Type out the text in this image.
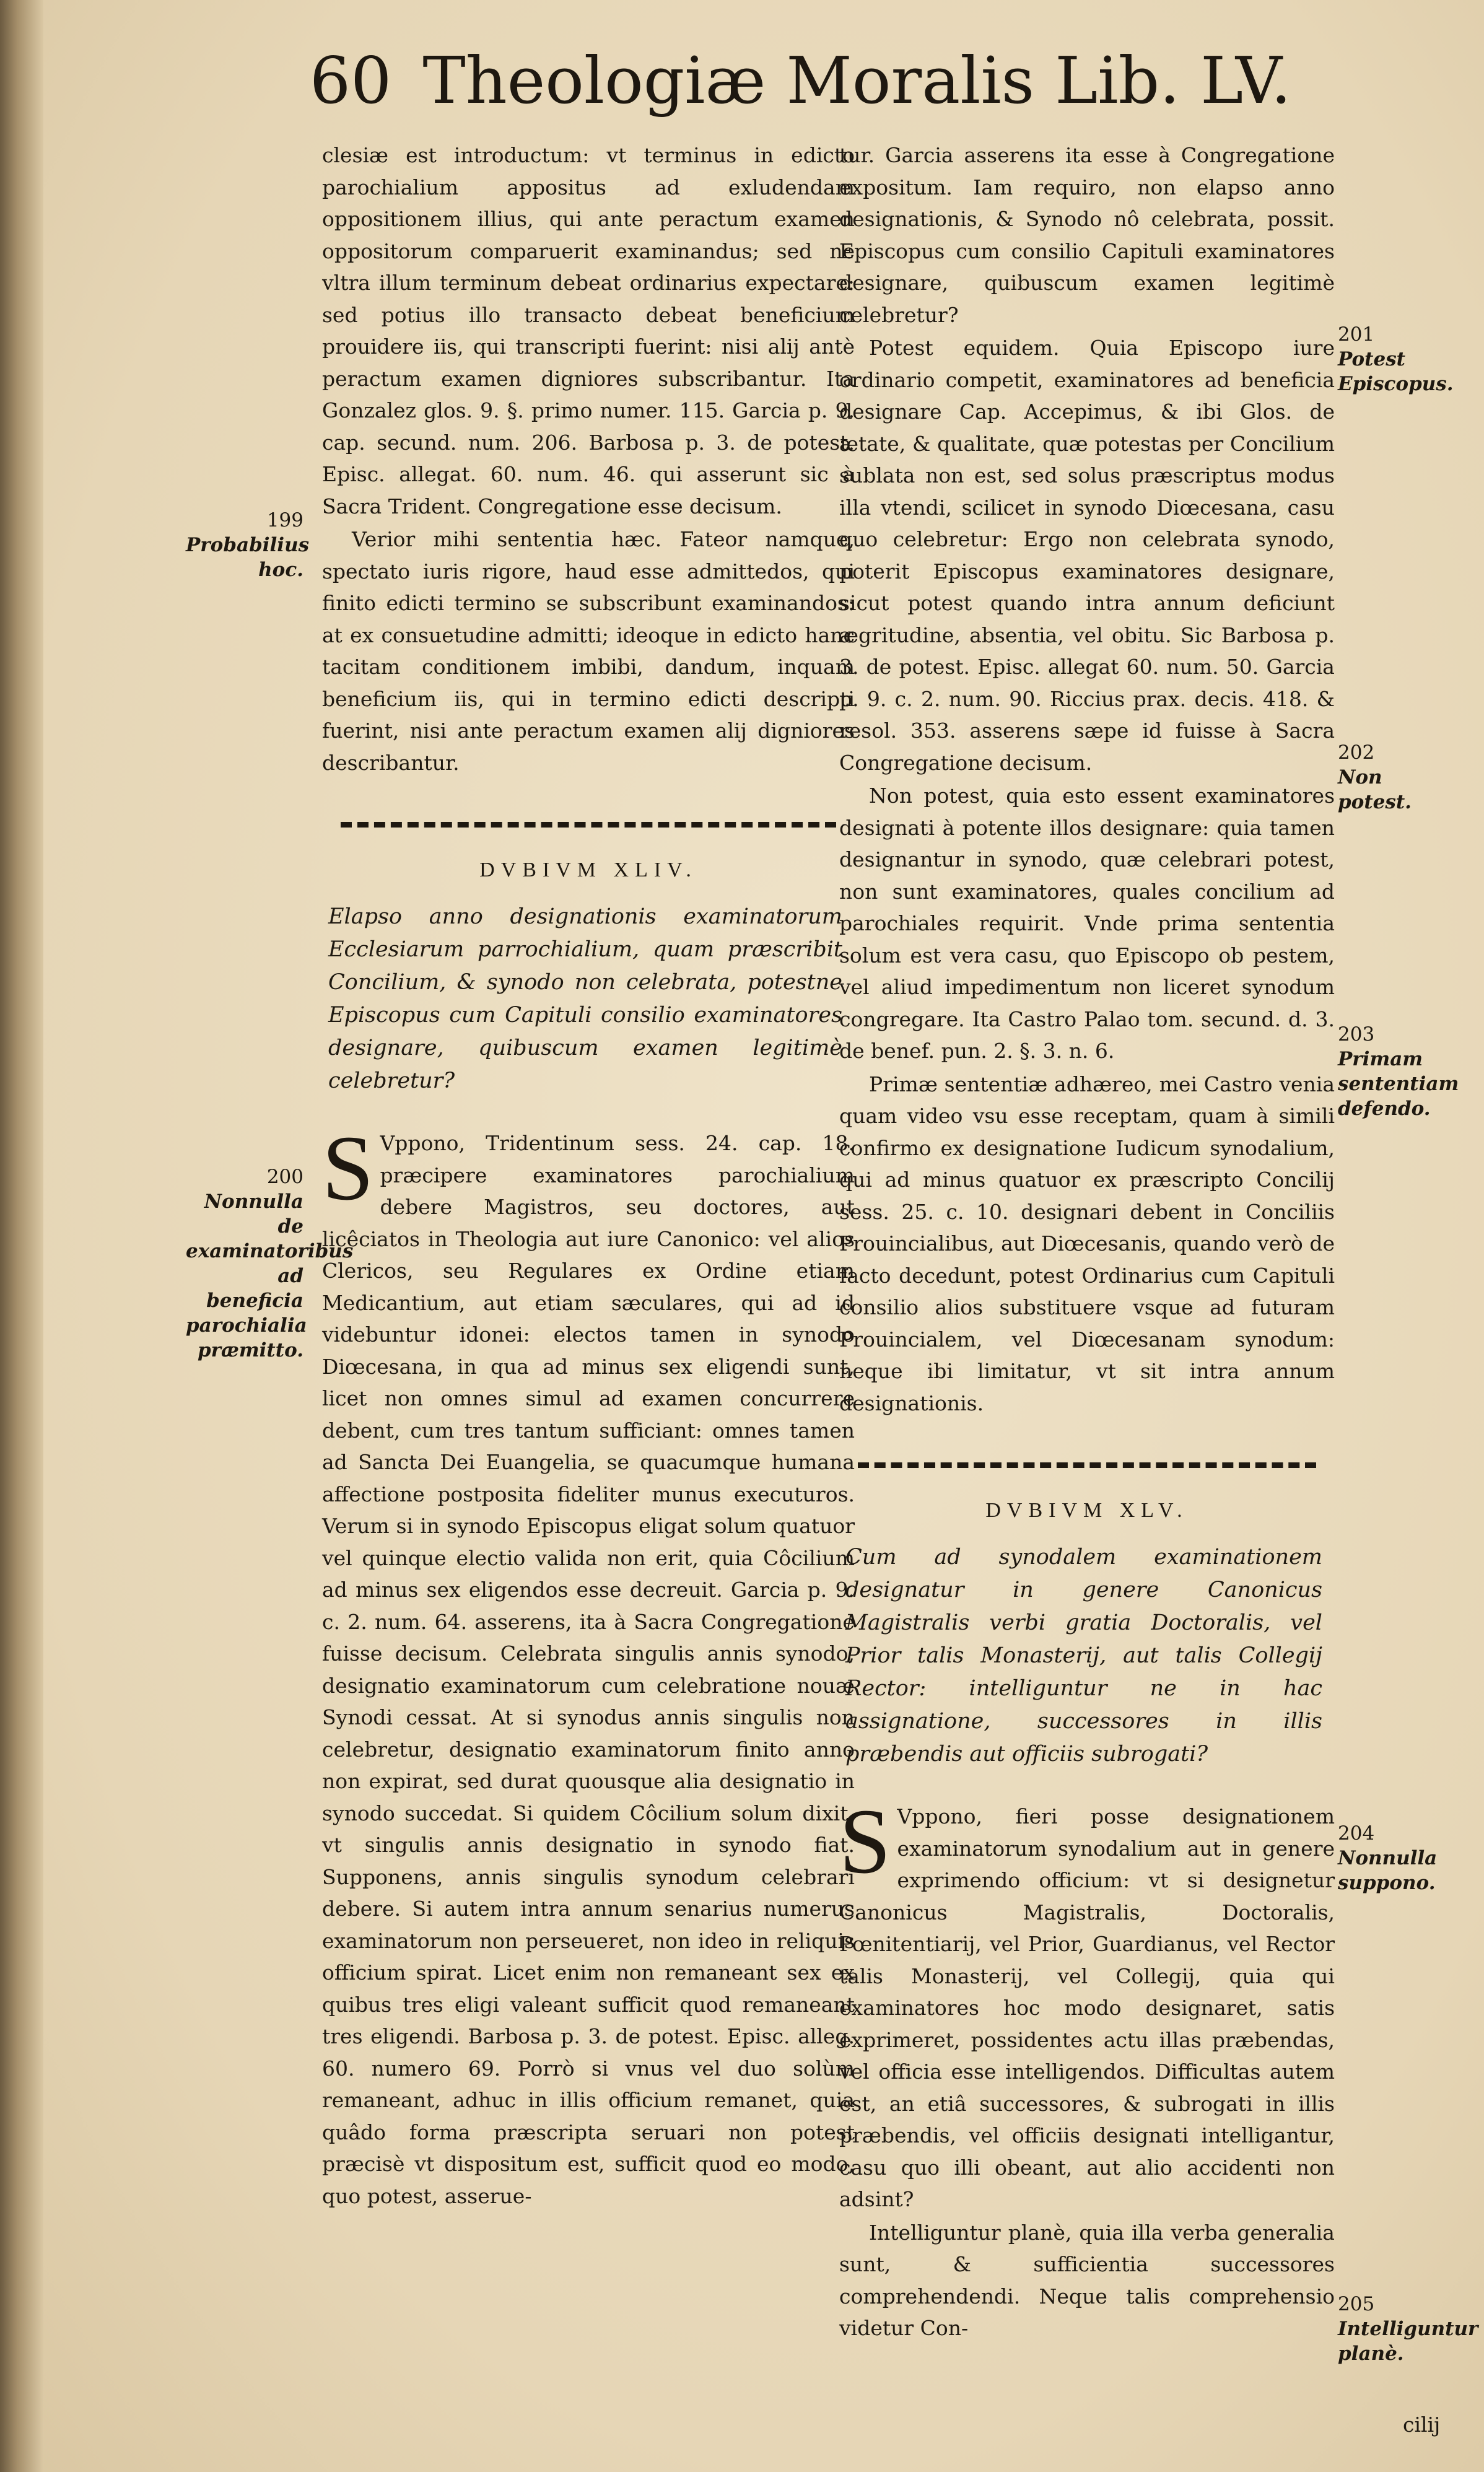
60 Theologiæ Moralis Lib. LV.

clesiæ est introductum: vt terminus in edicto parochialium appositus ad exludendam oppositionem illius, qui ante peractum examen oppositorum comparuerit examinandus; sed ne vltra illum terminum debeat ordinarius expectare: sed potius illo transacto debeat beneficium prouidere iis, qui transcripti fuerint: nisi alij antè peractum examen digniores subscribantur. Ita Gonzalez glos. 9. §. primo numer. 115. Garcia p. 9. cap. secund. num. 206. Barbosa p. 3. de potest. Episc. allegat. 60. num. 46. qui asserunt sic à Sacra Trident. Congregatione esse decisum.

Verior mihi sententia hæc. Fateor namque, spectato iuris rigore, haud esse admittedos, qui finito edicti termino se subscribunt examinandos: at ex consuetudine admitti; ideoque in edicto hanc tacitam conditionem imbibi, dandum, inquam beneficium iis, qui in termino edicti descripti fuerint, nisi ante peractum examen alij digniores describantur.

DVBIVM XLIV.
Elapso anno designationis examinatorum Ecclesiarum parrochialium, quam præscribit Concilium, & synodo non celebrata, potestne Episcopus cum Capituli consilio examinatores designare, quibuscum examen legitimè celebretur?

S Vppono, Tridentinum sess. 24. cap. 18. præcipere examinatores parochialium debere Magistros, seu doctores, aut licêciatos in Theologia aut iure Canonico: vel alios Clericos, seu Regulares ex Ordine etiam Medicantium, aut etiam sæculares, qui ad id videbuntur idonei: electos tamen in synodo Diœcesana, in qua ad minus sex eligendi sunt, licet non omnes simul ad examen concurrere debent, cum tres tantum sufficiant: omnes tamen ad Sancta Dei Euangelia, se quacumque humana affectione postposita fideliter munus executuros. Verum si in synodo Episcopus eligat solum quatuor vel quinque electio valida non erit, quia Côcilium ad minus sex eligendos esse decreuit. Garcia p. 9. c. 2. num. 64. asserens, ita à Sacra Congregatione fuisse decisum. Celebrata singulis annis synodo, designatio examinatorum cum celebratione nouæ Synodi cessat. At si synodus annis singulis non celebretur, designatio examinatorum finito anno non expirat, sed durat quousque alia designatio in synodo succedat. Si quidem Côcilium solum dixit, vt singulis annis designatio in synodo fiat. Supponens, annis singulis synodum celebrari debere. Si autem intra annum senarius numerus examinatorum non perseueret, non ideo in reliquis officium spirat. Licet enim non remaneant sex ex quibus tres eligi valeant sufficit quod remaneant tres eligendi. Barbosa p. 3. de potest. Episc. alleg. 60. numero 69. Porrò si vnus vel duo solùm remaneant, adhuc in illis officium remanet, quia quâdo forma præscripta seruari non potest præcisè vt dispositum est, sufficit quod eo modo, quo potest, asserue-

tur. Garcia asserens ita esse à Congregatione expositum. Iam requiro, non elapso anno designationis, & Synodo nô celebrata, possit. Episcopus cum consilio Capituli examinatores designare, quibuscum examen legitimè celebretur?

Potest equidem. Quia Episcopo iure ordinario competit, examinatores ad beneficia designare Cap. Accepimus, & ibi Glos. de ætate, & qualitate, quæ potestas per Concilium sublata non est, sed solus præscriptus modus illa vtendi, scilicet in synodo Diœcesana, casu quo celebretur: Ergo non celebrata synodo, poterit Episcopus examinatores designare, sicut potest quando intra annum deficiunt ægritudine, absentia, vel obitu. Sic Barbosa p. 3. de potest. Episc. allegat 60. num. 50. Garcia p. 9. c. 2. num. 90. Riccius prax. decis. 418. & resol. 353. asserens sæpe id fuisse à Sacra Congregatione decisum.

Non potest, quia esto essent examinatores designati à potente illos designare: quia tamen designantur in synodo, quæ celebrari potest, non sunt examinatores, quales concilium ad parochiales requirit. Vnde prima sententia solum est vera casu, quo Episcopo ob pestem, vel aliud impedimentum non liceret synodum congregare. Ita Castro Palao tom. secund. d. 3. de benef. pun. 2. §. 3. n. 6.

Primæ sententiæ adhæreo, mei Castro venia quam video vsu esse receptam, quam à simili confirmo ex designatione Iudicum synodalium, qui ad minus quatuor ex præscripto Concilij sess. 25. c. 10. designari debent in Conciliis Prouincialibus, aut Diœcesanis, quando verò de facto decedunt, potest Ordinarius cum Capituli consilio alios substituere vsque ad futuram Prouincialem, vel Diœcesanam synodum: neque ibi limitatur, vt sit intra annum designationis.

DVBIVM XLV.
Cum ad synodalem examinationem designatur in genere Canonicus Magistralis verbi gratia Doctoralis, vel Prior talis Monasterij, aut talis Collegij Rector: intelliguntur ne in hac assignatione, successores in illis præbendis aut officiis subrogati?

S Vppono, fieri posse designationem examinatorum synodalium aut in genere exprimendo officium: vt si designetur Canonicus Magistralis, Doctoralis, Pœnitentiarij, vel Prior, Guardianus, vel Rector talis Monasterij, vel Collegij, quia qui examinatores hoc modo designaret, satis exprimeret, possidentes actu illas præbendas, vel officia esse intelligendos. Difficultas autem est, an etiâ successores, & subrogati in illis præbendis, vel officiis designati intelligantur, casu quo illi obeant, aut alio accidenti non adsint?

Intelliguntur planè, quia illa verba generalia sunt, & sufficientia successores comprehendendi. Neque talis comprehensio videtur Con-

cilij
199
Probabilius hoc.
200
Nonnulla de examinatoribus ad beneficia parochialia præmitto.
201
Potest Episcopus.
202
Non potest.
203
Primam sententiam defendo.
204
Nonnulla suppono.
205
Intelliguntur planè.
